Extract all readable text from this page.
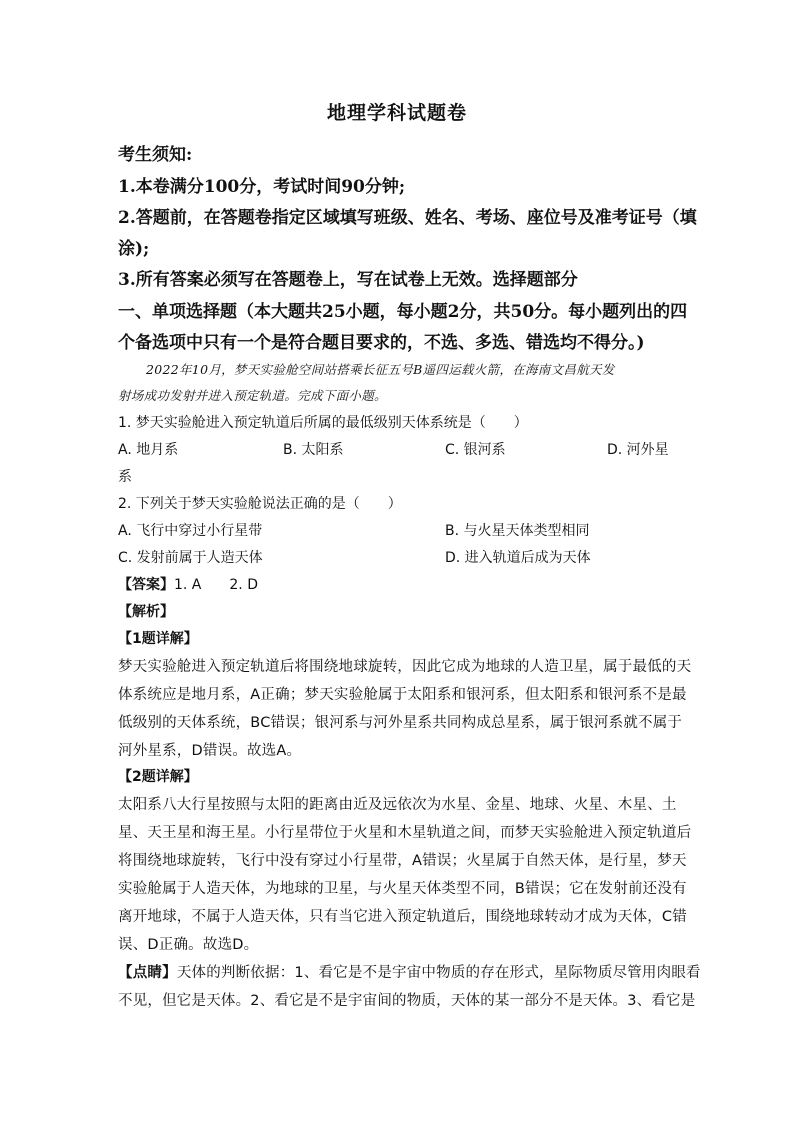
地理学科试题卷
考生须知:
1.本卷满分100分，考试时间90分钟;
2.答题前，在答题卷指定区域填写班级、姓名、考场、座位号及准考证号（填
涂);
3.所有答案必须写在答题卷上，写在试卷上无效。选择题部分
一、单项选择题（本大题共25小题，每小题2分，共50分。每小题列出的四
个备选项中只有一个是符合题目要求的，不选、多选、错选均不得分。)
2022年10月，梦天实验舱空间站搭乘长征五号B遥四运载火箭，在海南文昌航天发
射场成功发射并进入预定轨道。完成下面小题。
1. 梦天实验舱进入预定轨道后所属的最低级别天体系统是（　　）
A. 地月系	B. 太阳系	C. 银河系	D. 河外星
系
2. 下列关于梦天实验舱说法正确的是（　　）
A. 飞行中穿过小行星带	B. 与火星天体类型相同
C. 发射前属于人造天体	D. 进入轨道后成为天体
【答案】1. A　　2. D
【解析】
【1题详解】
梦天实验舱进入预定轨道后将围绕地球旋转，因此它成为地球的人造卫星，属于最低的天
体系统应是地月系，A正确；梦天实验舱属于太阳系和银河系，但太阳系和银河系不是最
低级别的天体系统，BC错误；银河系与河外星系共同构成总星系，属于银河系就不属于
河外星系，D错误。故选A。
【2题详解】
太阳系八大行星按照与太阳的距离由近及远依次为水星、金星、地球、火星、木星、土
星、天王星和海王星。小行星带位于火星和木星轨道之间，而梦天实验舱进入预定轨道后
将围绕地球旋转，飞行中没有穿过小行星带，A错误；火星属于自然天体，是行星，梦天
实验舱属于人造天体，为地球的卫星，与火星天体类型不同，B错误；它在发射前还没有
离开地球，不属于人造天体，只有当它进入预定轨道后，围绕地球转动才成为天体，C错
误、D正确。故选D。
【点睛】天体的判断依据：1、看它是不是宇宙中物质的存在形式，星际物质尽管用肉眼看
不见，但它是天体。2、看它是不是宇宙间的物质，天体的某一部分不是天体。3、看它是
